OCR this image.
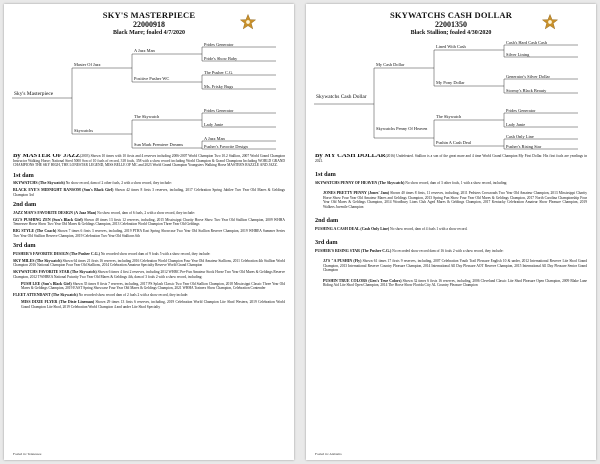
SKY'S MASTERPIECE
22000918
Black Mare; foaled 4/7/2020
Sky's Masterpiece
Master Of Jazz
Skywatchs
A Jazz Man
Positive Pusher WC
The Skywatch
Sun Mark Premiere Dreams
Prides Generator
Pride's Show Baby
The Pusher C.G.
Ms. Frisky Bugs
Prides Generator
Lady Janie
A Jazz Man
Pusher's Favorite Design

By MASTER OF JAZZ(2003) Shown 10 times with 10 firsts and 4 reserves including 2006-2007 World Champion Two 10.2 Stallion, 2007 World Grand Champion Instructor Walking Horse; National Sired 5000 Son of 10 foals of record, 318 foals, 358 with a show record including World Champion & Grand Champions Including WORLD GRAND CHAMPIONS THE SKY HIGH, THE LONESTAR LEGEND, MISS BELLE OF MC and 2023 World Grand Champion Youngsters Walking Horse MASTER'S RAZZLE AND JAZZ.

1st dam

SKYWATCHS (The Skywatch) No show record, dam of 2 other foals, 2 with a show record, they include:

BLACK EYE'S MIDNIGHT RANSOM (Sun's Black Girl) Shown 42 times 8 firsts 3 reserves, including, 2017 Celebration Spring Jubilee Two Year Old Mares & Geldings Champion 3rd

2nd dam

JAZZ MAN'S FAVORITE DESIGN (A Jazz Man) No show record, dam of 6 foals, 2 with a show record, they include:

GG'S PUSHING ZEN (Sun's Black Girl) Shown 48 times 13 firsts 12 reserves, including, 2015 Mississippi Charity Horse Show Two Year Old Stallion Champion, 2009 WHHA Tennessee Horse Show Two Year Old Mares & Geldings Champion, 2013 Celebration World Champion Three Year Old Geldings

BIG STYLE (The Coach) Shown 7 times 6 firsts 3 reserves, including, 2019 PTHA East Spring Showcase Two Year Old Stallion Reserve Champion, 2019 WHBEA Summer Series Two Year Old Stallion Reserve Champion, 2019 Celebration Two Year Old Stallions 6th

3rd dam

PUSHER'S FAVORITE DESIGN (The Pusher C.G.) No recorded show record dam of 9 foals 5 with a show record, they include:

SKY MILES (The Skywatch) Shown 64 times 21 firsts 16 reserves, including 2016 Celebration World Champion Four Year Old Amateur Stallions, 2011 Celebration 4th Stallion World Champion 2016 National Champion Four Year Old Stallions, 2014 Celebration Amateur Specialty Reserve World Grand Champion

SKYWATCHS FAVORITE STAR (The Skywatch) Shown 6 times 4 first 2 reserves, including 2012 WHBC Pre-Fun Amateur Stock Horse Two Year Old Mares & Geldings Reserve Champion, 2012 TWHBEA National Futurity Two Year Old Mares & Geldings 4th, dam of 3 foals 2 with a show record, including:

PUSH LEE (Sun's Black Girl) Shown 35 times 8 firsts 7 reserves, including, 2017 PS Splash Classic Two Year Old Stallion Champion, 2018 Mississippi Classic Three Year Old Mares & Geldings Champion, 2019 EAST Spring Showcase Four Year Old Mares & Geldings Champion, 2021 WHHA Trainers Show Champion, Celebration Contender

FLEET ATTENDANT (The Skywatch) No recorded show record dam of 2 foals 2 with a show record, they include:

MISS DIXIE FLYER (The Dixie Lineman) Shown 29 times 13 firsts 6 reserves, including, 2019 Celebration World Champion Lite Shod Western, 2019 Celebration World Grand Champion Lite Shod, 2019 Celebration World Champion 4 and under Lite Shod Specialty

Foaled in: Tennessee
SKYWATCHS CASH DOLLAR
22001350
Black Stallion; foaled 4/30/2020
Skywatchs Cash Dollar
My Cash Dollar
Skywatchs Penny Of Heaven
Lined With Cash
My Pony Dollar
The Skywatch
Pushin A Cash Deal
Cash's Hard Cash Cash
Silver Lining
Generator's Silver Dollar
Stormy's Black Beauty
Prides Generator
Lady Janie
Cash Only Line
Pusher's Rising Star

By MY CASH DOLLAR(2016) Undefeated. Stallion is a son of the great mare and 4 time World Grand Champion My First Dollar. His first foals are yearlings in 2021.

1st dam

SKYWATCHS PENNY OF HEAVEN (The Skywatch) No show record, dam of 3 other foals, 1 with a show record, including:

JONES PRETTY PENNY (Jones' Jam) Shown 40 times 8 firsts, 11 reserves, including, 2011 Pedsters Crossroads Two Year Old Amateur Champion, 2013 Mississippi Charity Horse Show Four Year Old Amateur Mares and Geldings Champion, 2013 Spring Fun Show Four Year Old Mares & Geldings Champion, 2017 North Carolina Championship Four Year Old Mares & Geldings Champion, 2014 Woodbury Lions Club Aged Mares & Geldings Champion, 2017 Kentucky Celebration Amateur Show Pleasure Champion, 2019 Walkers Juvenile Champion

2nd dam

PUSHING A CASH DEAL (Cash Only Line) No show record, dam of 4 foals 1 with a show record.

3rd dam

PUSHER'S RISING STAR (The Pusher C.G.) No recorded show record dam of 16 foals 2 with a show record, they include:

JJ'S "A PUSHIN (Fly) Shown 61 times 17 firsts 9 reserves, including, 2007 Celebration Youth Trail Pleasure English 10 & under, 2012 International Reserve Lite Shod Grand Champion, 2013 International Reserve Country Pleasure Champion, 2014 International All Day Pleasure AOT Reserve Champion, 2015 International All Day Pleasure Senior Grand Champion

PUSHIN TRUE COLORS (Gen's True Colors) Shown 32 times 6 firsts 16 reserves, including, 2006 Cleveland Classic Lite Shod Pleasure Open Champion, 2009 Blake Lane Riding Aid Lite Shod Open Champion, 2014 The Horse Show Florida City AL Country Pleasure Champion

Foaled in: Alabama
